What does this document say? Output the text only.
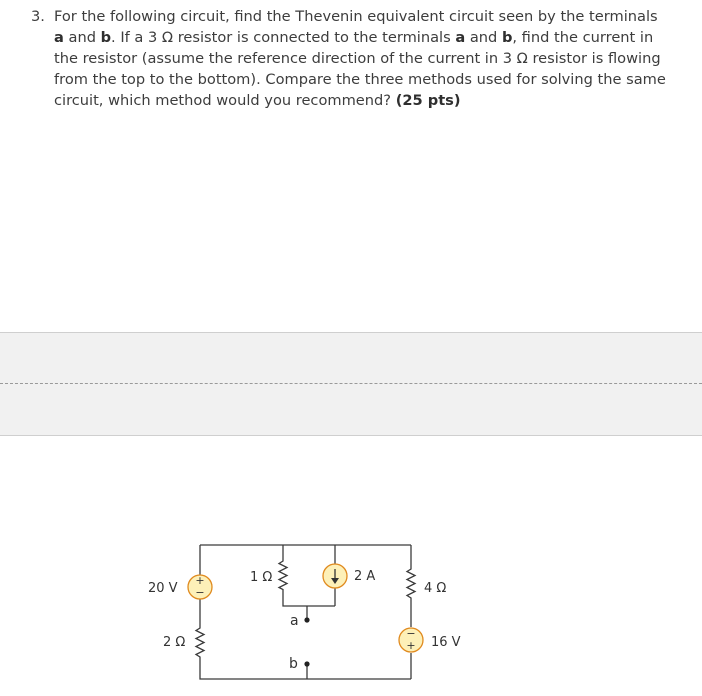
3. For the following circuit, find the Thevenin equivalent circuit seen by the terminals a and b. If a 3 Ω resistor is connected to the terminals a and b, find the current in the resistor (assume the reference direction of the current in 3 Ω resistor is flowing from the top to the bottom). Compare the three methods used for solving the same circuit, which method would you recommend? (25 pts)
+
−
−
+
20 V
2 Ω
1 Ω	2 A
4 Ω
16 V
a
b
